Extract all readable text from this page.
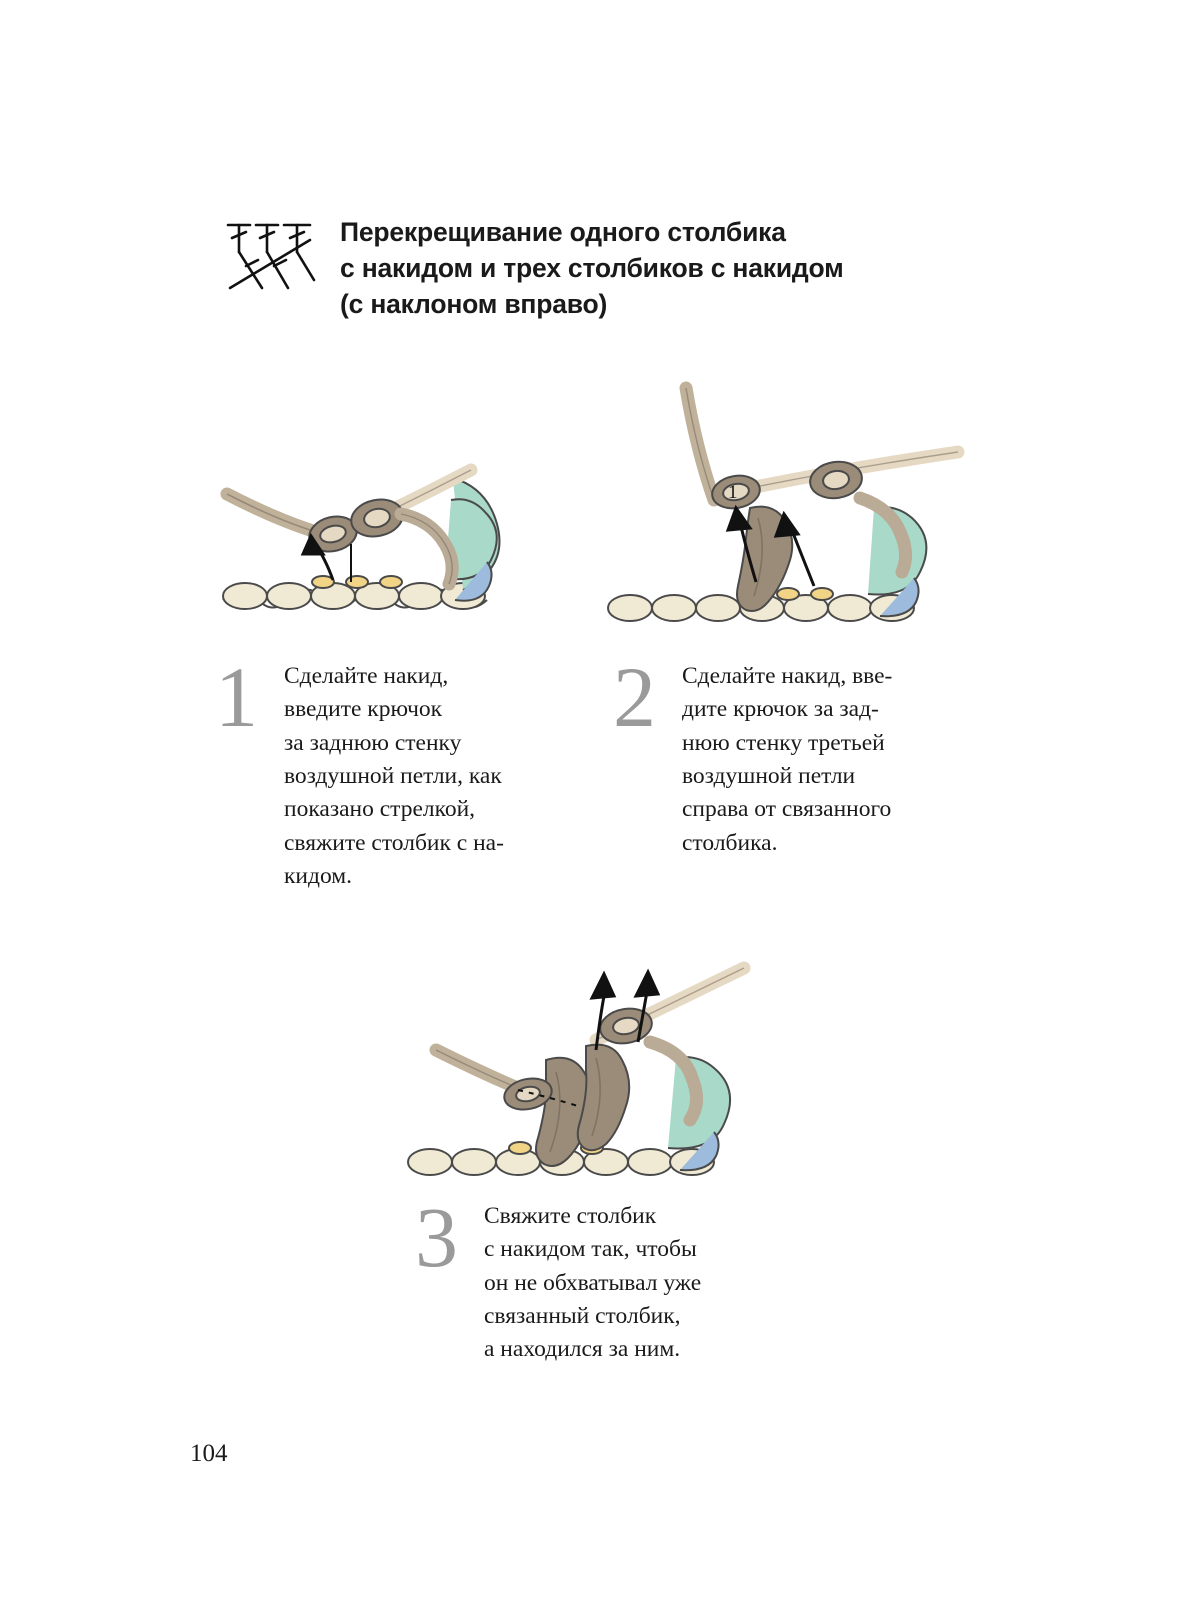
Перекрещивание одного столбика
с накидом и трех столбиков с накидом
(с наклоном вправо)
1
1 Сделайте накид,
введите крючок
за заднюю стенку
воздушной петли, как
показано стрелкой,
свяжите столбик с на-
кидом.
2 Сделайте накид, вве-
дите крючок за зад-
нюю стенку третьей
воздушной петли
справа от связанного
столбика.
3 Свяжите столбик
с накидом так, чтобы
он не обхватывал уже
связанный столбик,
а находился за ним.
104
